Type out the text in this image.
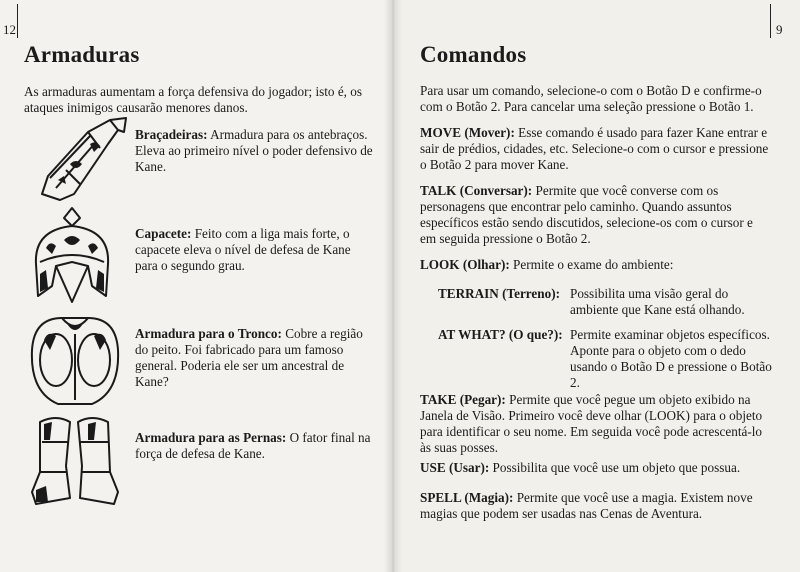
12
Armaduras

As armaduras aumentam a força defensiva do jogador; isto é, os ataques inimigos causarão menores danos.

Braçadeiras: Armadura para os antebraços. Eleva ao primeiro nível o poder defensivo de Kane.

Capacete: Feito com a liga mais forte, o capacete eleva o nível de defesa de Kane para o segundo grau.

Armadura para o Tronco: Cobre a região do peito. Foi fabricado para um famoso general. Poderia ele ser um ancestral de Kane?

Armadura para as Pernas: O fator final na força de defesa de Kane.

9
Comandos

Para usar um comando, selecione-o com o Botão D e confirme-o com o Botão 2. Para cancelar uma seleção pressione o Botão 1.

MOVE (Mover): Esse comando é usado para fazer Kane entrar e sair de prédios, cidades, etc. Selecione-o com o cursor e pressione o Botão 2 para mover Kane.

TALK (Conversar): Permite que você converse com os personagens que encontrar pelo caminho. Quando assuntos específicos estão sendo discutidos, selecione-os com o cursor e em seguida pressione o Botão 2.

LOOK (Olhar): Permite o exame do ambiente:

TERRAIN (Terreno): Possibilita uma visão geral do ambiente que Kane está olhando.
AT WHAT? (O que?): Permite examinar objetos específicos. Aponte para o objeto com o dedo usando o Botão D e pressione o Botão 2.

TAKE (Pegar): Permite que você pegue um objeto exibido na Janela de Visão. Primeiro você deve olhar (LOOK) para o objeto para identificar o seu nome. Em seguida você pode acrescentá-lo às suas posses.

USE (Usar): Possibilita que você use um objeto que possua.

SPELL (Magia): Permite que você use a magia. Existem nove magias que podem ser usadas nas Cenas de Aventura.
